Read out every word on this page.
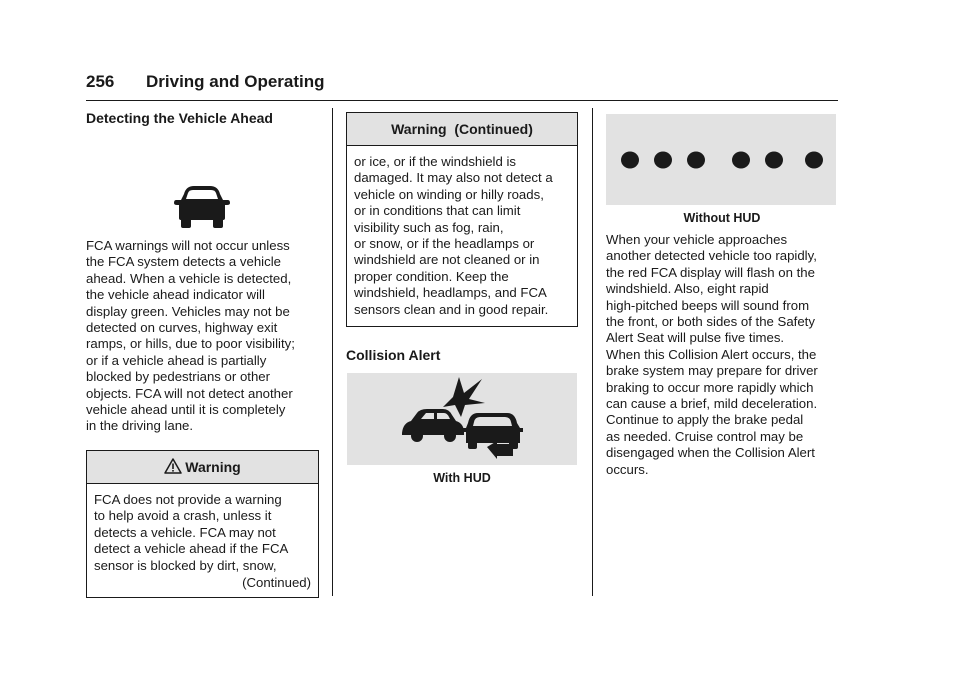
256 Driving and Operating
Detecting the Vehicle Ahead
FCA warnings will not occur unless
the FCA system detects a vehicle
ahead. When a vehicle is detected,
the vehicle ahead indicator will
display green. Vehicles may not be
detected on curves, highway exit
ramps, or hills, due to poor visibility;
or if a vehicle ahead is partially
blocked by pedestrians or other
objects. FCA will not detect another
vehicle ahead until it is completely
in the driving lane.
Warning
FCA does not provide a warning
to help avoid a crash, unless it
detects a vehicle. FCA may not
detect a vehicle ahead if the FCA
sensor is blocked by dirt, snow,
(Continued)
Warning  (Continued)
or ice, or if the windshield is
damaged. It may also not detect a
vehicle on winding or hilly roads,
or in conditions that can limit
visibility such as fog, rain,
or snow, or if the headlamps or
windshield are not cleaned or in
proper condition. Keep the
windshield, headlamps, and FCA
sensors clean and in good repair.
Collision Alert
With HUD
Without HUD
When your vehicle approaches
another detected vehicle too rapidly,
the red FCA display will flash on the
windshield. Also, eight rapid
high-pitched beeps will sound from
the front, or both sides of the Safety
Alert Seat will pulse five times.
When this Collision Alert occurs, the
brake system may prepare for driver
braking to occur more rapidly which
can cause a brief, mild deceleration.
Continue to apply the brake pedal
as needed. Cruise control may be
disengaged when the Collision Alert
occurs.
